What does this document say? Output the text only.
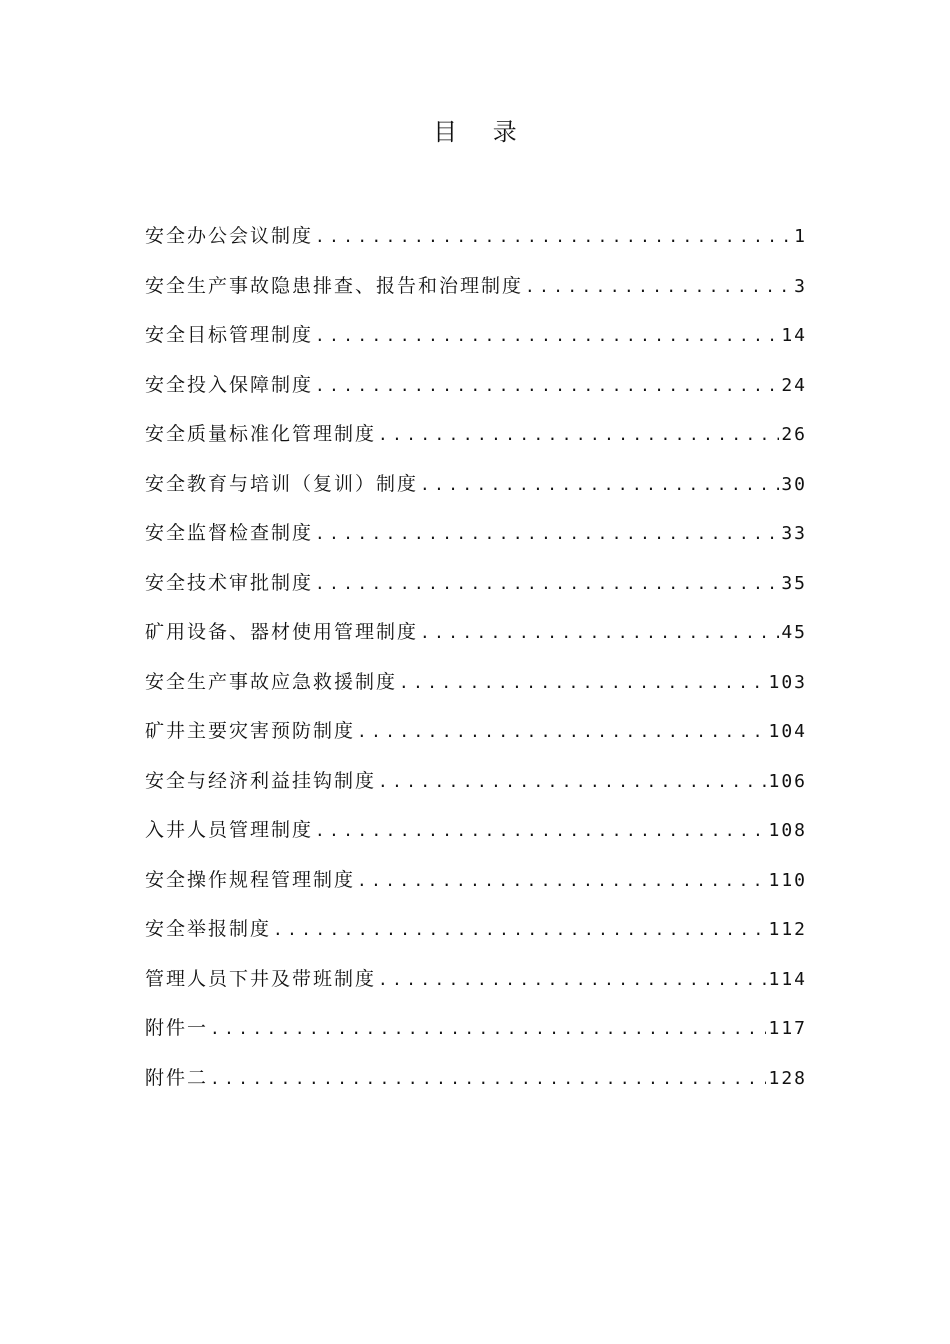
目 录
安全办公会议制度 .....	1
安全生产事故隐患排查、报告和治理制度 .....	3
安全目标管理制度 .....	14
安全投入保障制度 .....	24
安全质量标准化管理制度 .....	26
安全教育与培训（复训）制度 .....	30
安全监督检查制度 .....	33
安全技术审批制度 .....	35
矿用设备、器材使用管理制度 .....	45
安全生产事故应急救援制度 .....	103
矿井主要灾害预防制度 .....	104
安全与经济利益挂钩制度 .....	106
入井人员管理制度 .....	108
安全操作规程管理制度 .....	110
安全举报制度 .....	112
管理人员下井及带班制度 .....	114
附件一 .....	117
附件二 .....	128
